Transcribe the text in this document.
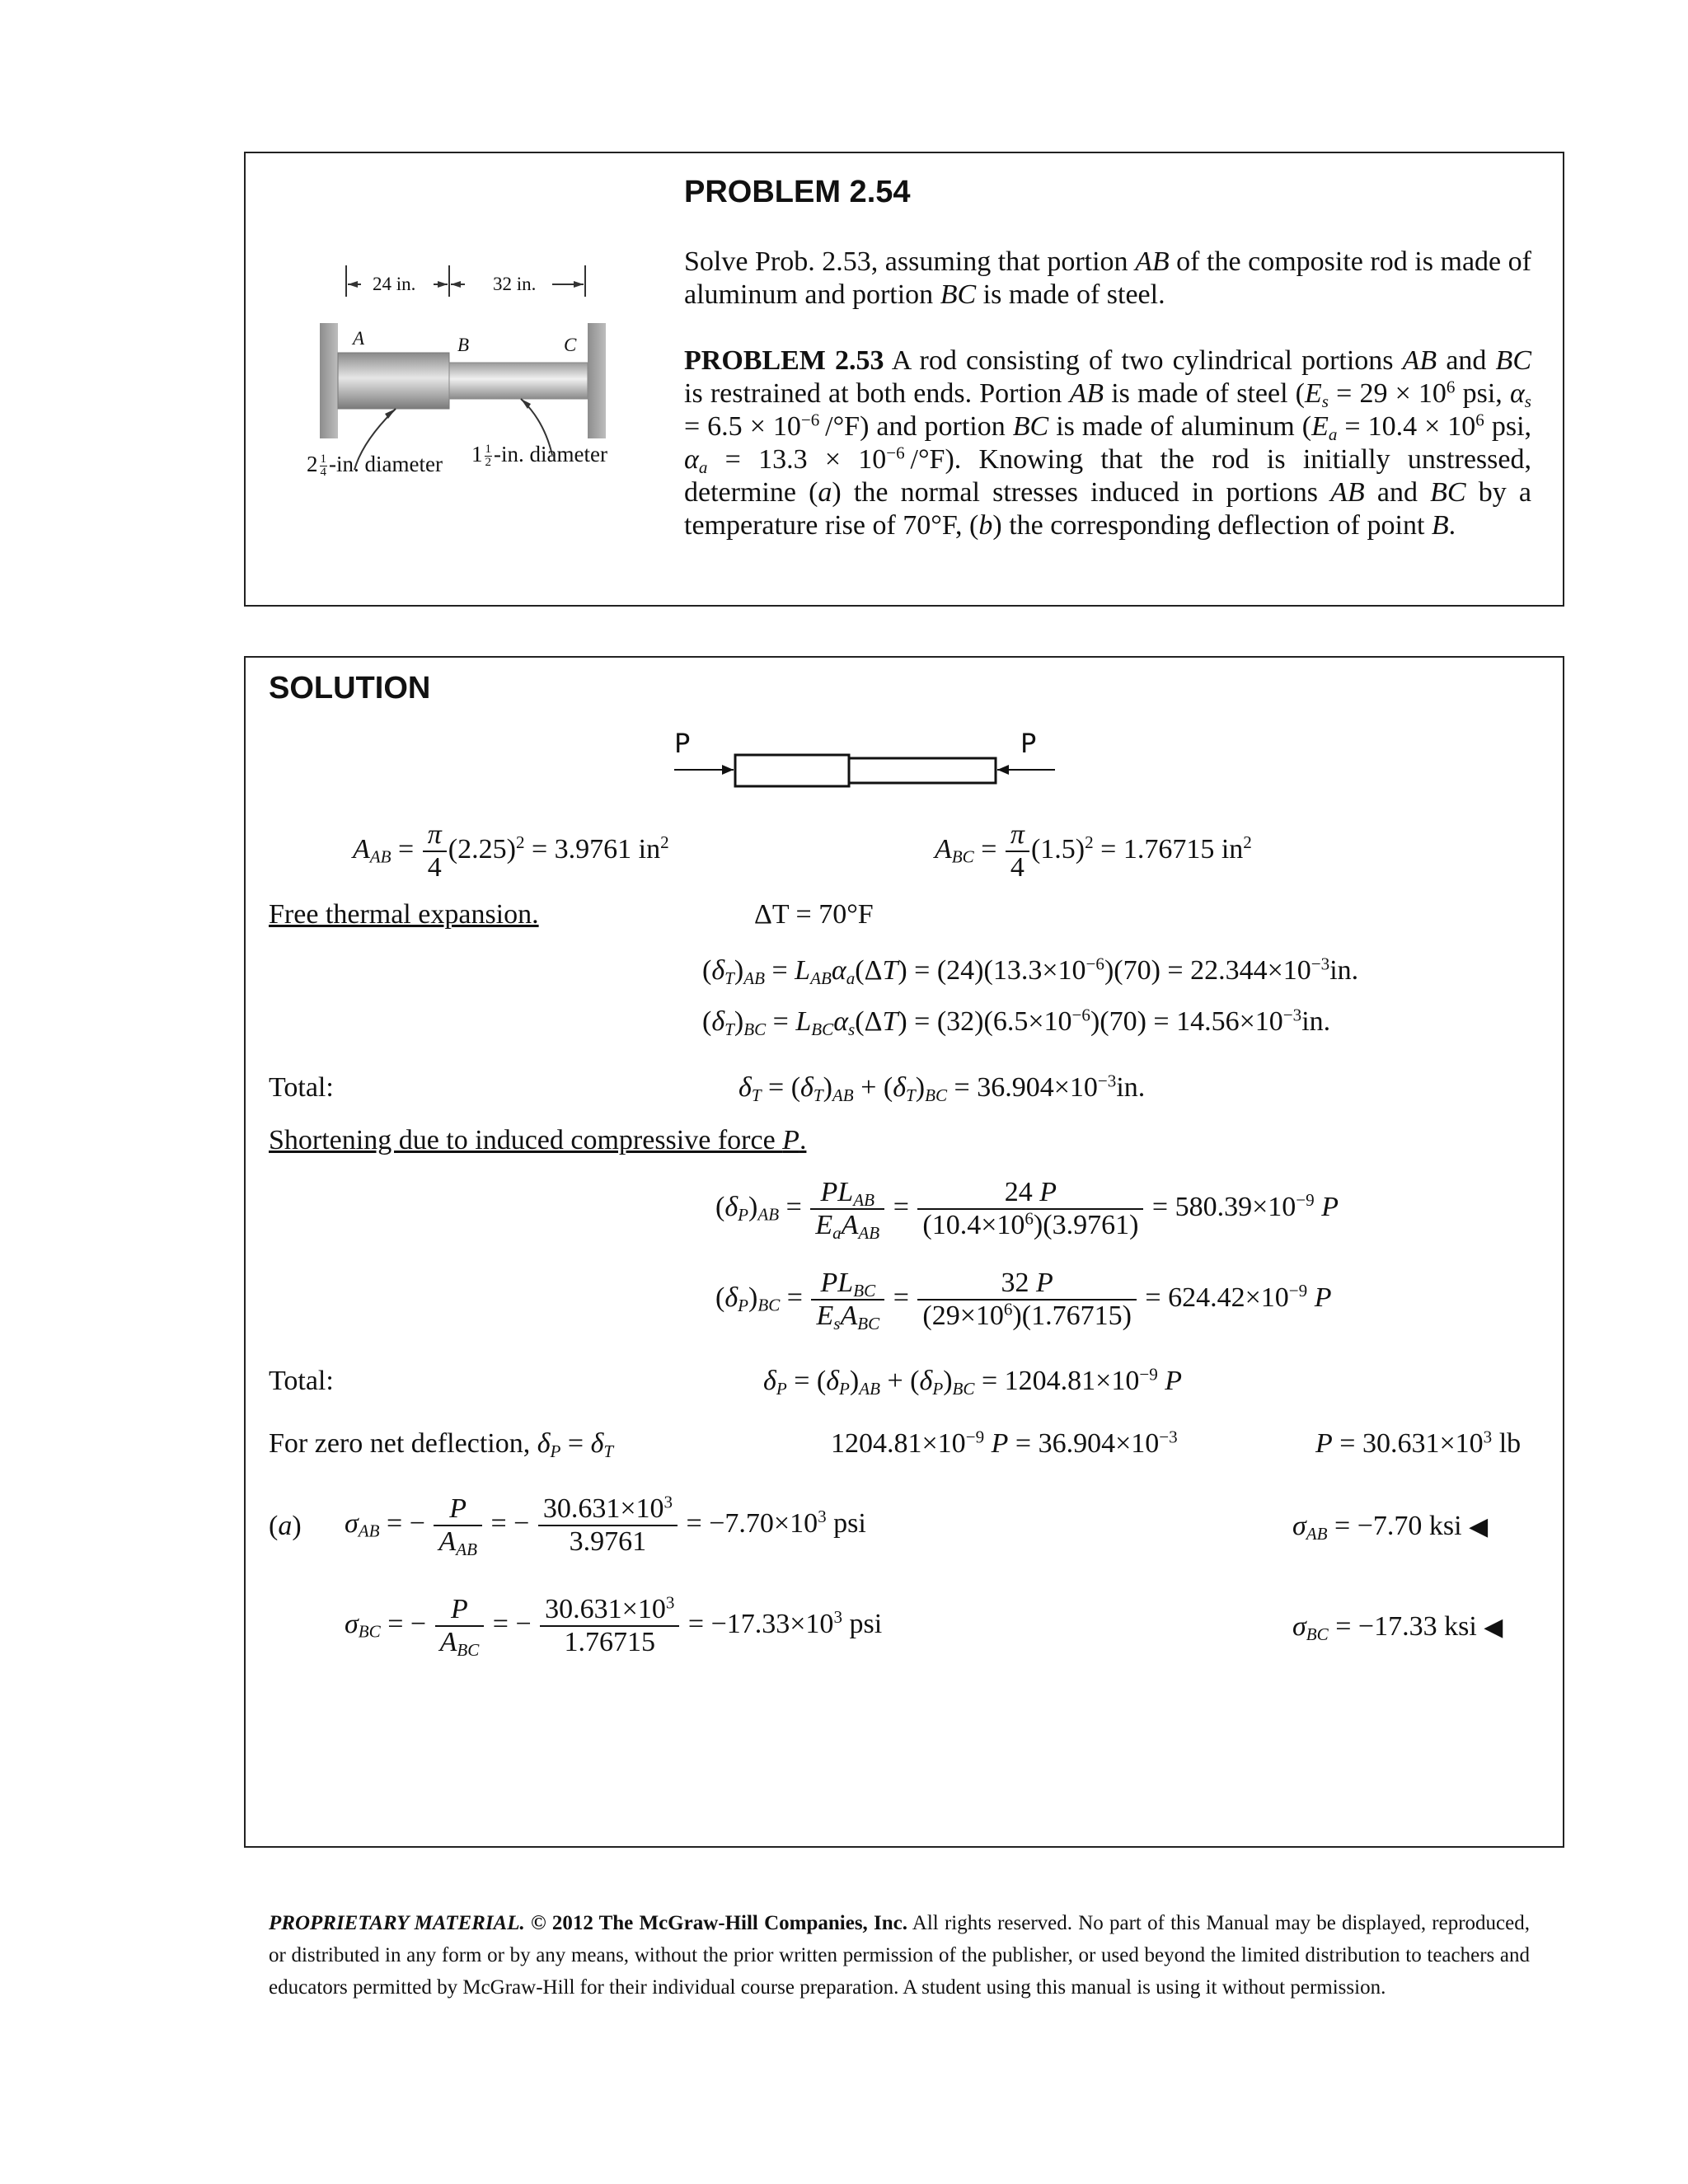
PROBLEM 2.54
24 in.	32 in.
A	B	C
$2 \frac{1}{4} -in$. diameter $1 \frac{1}{2} -in$. diameter
Solve Prob. 2.53, assuming that portion AB of the composite rod is made of aluminum and portion BC is made of steel.
PROBLEM 2.53 A rod consisting of two cylindrical portions AB and BC is restrained at both ends. Portion AB is made of steel ($E_s = 29 \times 10^6$ psi, $\alpha_s = 6.5 \times 10^{-6}$ /°F) and portion BC is made of aluminum ($E_a = 10.4 \times 10^6$ psi, $\alpha_a = 13.3 \times 10^{-6}$ /°F). Knowing that the rod is initially unstressed, determine (a) the normal stresses induced in portions AB and BC by a temperature rise of 70°F, (b) the corresponding deflection of point B.
SOLUTION
P	P
$A_{AB} = \frac{\pi}{4} (2.25)^2 = 3.9761$ $in^2$	$A_{BC} = \frac{\pi}{4} (1.5)^2 = 1.76715$ $in^2$
Free thermal expansion.	ΔT = 70°F
$(\delta_T)_{AB} = L_{AB}\alpha_a(\Delta T) = (24)(13.3\times 10^{-6})(70) = 22.344\times 10^{-3}in$.
$(\delta_T)_{BC} = L_{BC}\alpha_s(\Delta T) = (32)(6.5\times 10^{-6})(70) = 14.56\times 10^{-3}in$.
Total:	$\delta_T = (\delta_T)_{AB} + (\delta_T)_{BC} = 36.904\times 10^{-3}in$.
Shortening due to induced compressive force P.
$(\delta_P)_{AB} = \frac{PL_{AB}}{E_aA_{AB}} = \frac{24 P}{(10.4\times 10^6)(3.9761)} = 580.39\times 10^{-9}$ P
$(\delta_P)_{BC} = \frac{PL_{BC}}{E_sA_{BC}} = \frac{32 P}{(29\times 10^6)(1.76715)} = 624.42\times 10^{-9}$ P
Total:	$\delta_P = (\delta_P)_{AB} + (\delta_P)_{BC} = 1204.81\times 10^{-9}$ P
For zero net deflection, $\delta_P = \delta_T$	$1204.81\times 10^{-9}$ $P = 36.904\times 10^{-3}$	$P = 30.631\times 10^3$ lb
(a) $\sigma_{AB}$ = − $\frac{P}{A_{AB}}$ = − $\frac{30.631\times 10^3}{3.9761} = -7.70\times 10^3$ psi	$\sigma_{AB} = -7.70$ ksi ◀
$\sigma_{BC}$ = − $\frac{P}{A_{BC}}$ = − $\frac{30.631\times 10^3}{1.76715} = -17.33\times 10^3$ psi	$\sigma_{BC} = -17.33$ ksi ◀
PROPRIETARY MATERIAL. © 2012 The McGraw-Hill Companies, Inc. All rights reserved. No part of this Manual may be displayed, reproduced, or distributed in any form or by any means, without the prior written permission of the publisher, or used beyond the limited distribution to teachers and educators permitted by McGraw-Hill for their individual course preparation. A student using this manual is using it without permission.
